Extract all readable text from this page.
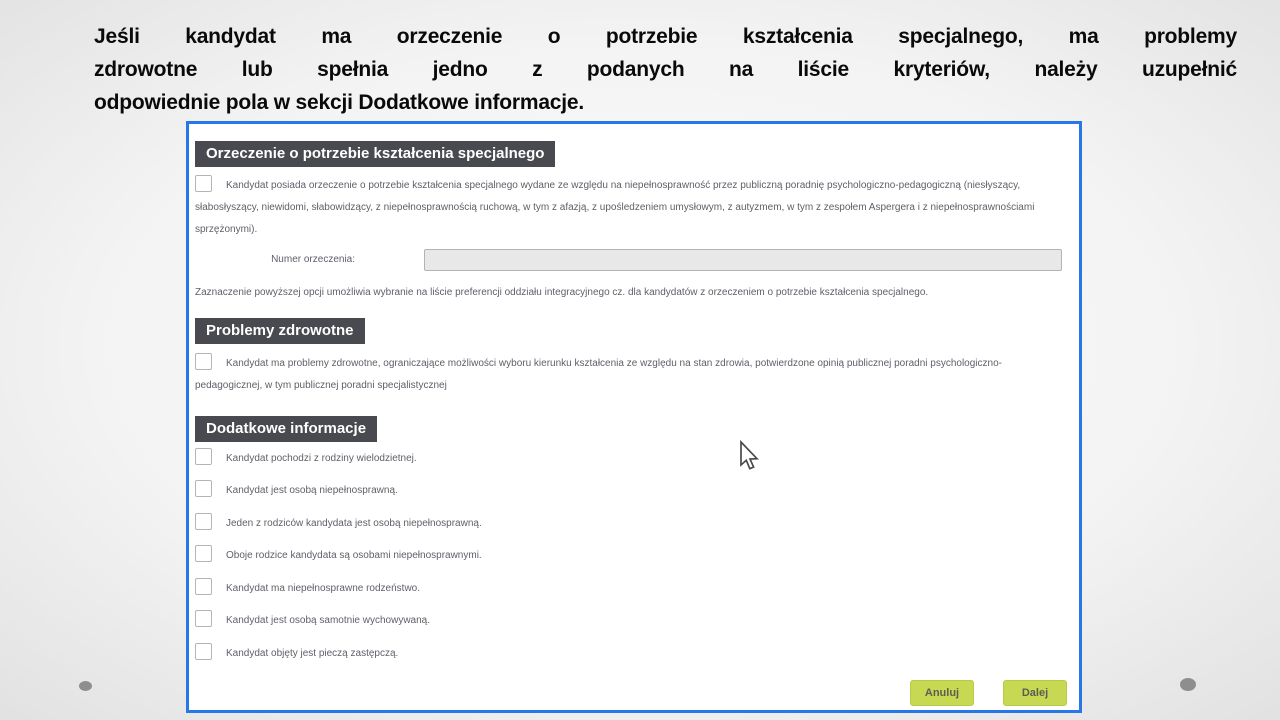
Jeśli kandydat ma orzeczenie o potrzebie kształcenia specjalnego, ma problemy
zdrowotne lub spełnia jedno z podanych na liście kryteriów, należy uzupełnić
odpowiednie pola w sekcji Dodatkowe informacje.
Orzeczenie o potrzebie kształcenia specjalnego
Kandydat posiada orzeczenie o potrzebie kształcenia specjalnego wydane ze względu na niepełnosprawność przez publiczną poradnię psychologiczno-pedagogiczną (niesłyszący, słabosłyszący, niewidomi, słabowidzący, z niepełnosprawnością ruchową, w tym z afazją, z upośledzeniem umysłowym, z autyzmem, w tym z zespołem Aspergera i z niepełnosprawnościami sprzężonymi).
Numer orzeczenia:
Zaznaczenie powyższej opcji umożliwia wybranie na liście preferencji oddziału integracyjnego cz. dla kandydatów z orzeczeniem o potrzebie kształcenia specjalnego.
Problemy zdrowotne
Kandydat ma problemy zdrowotne, ograniczające możliwości wyboru kierunku kształcenia ze względu na stan zdrowia, potwierdzone opinią publicznej poradni psychologiczno-pedagogicznej, w tym publicznej poradni specjalistycznej
Dodatkowe informacje
Kandydat pochodzi z rodziny wielodzietnej.
Kandydat jest osobą niepełnosprawną.
Jeden z rodziców kandydata jest osobą niepełnosprawną.
Oboje rodzice kandydata są osobami niepełnosprawnymi.
Kandydat ma niepełnosprawne rodzeństwo.
Kandydat jest osobą samotnie wychowywaną.
Kandydat objęty jest pieczą zastępczą.
Anuluj	Dalej
